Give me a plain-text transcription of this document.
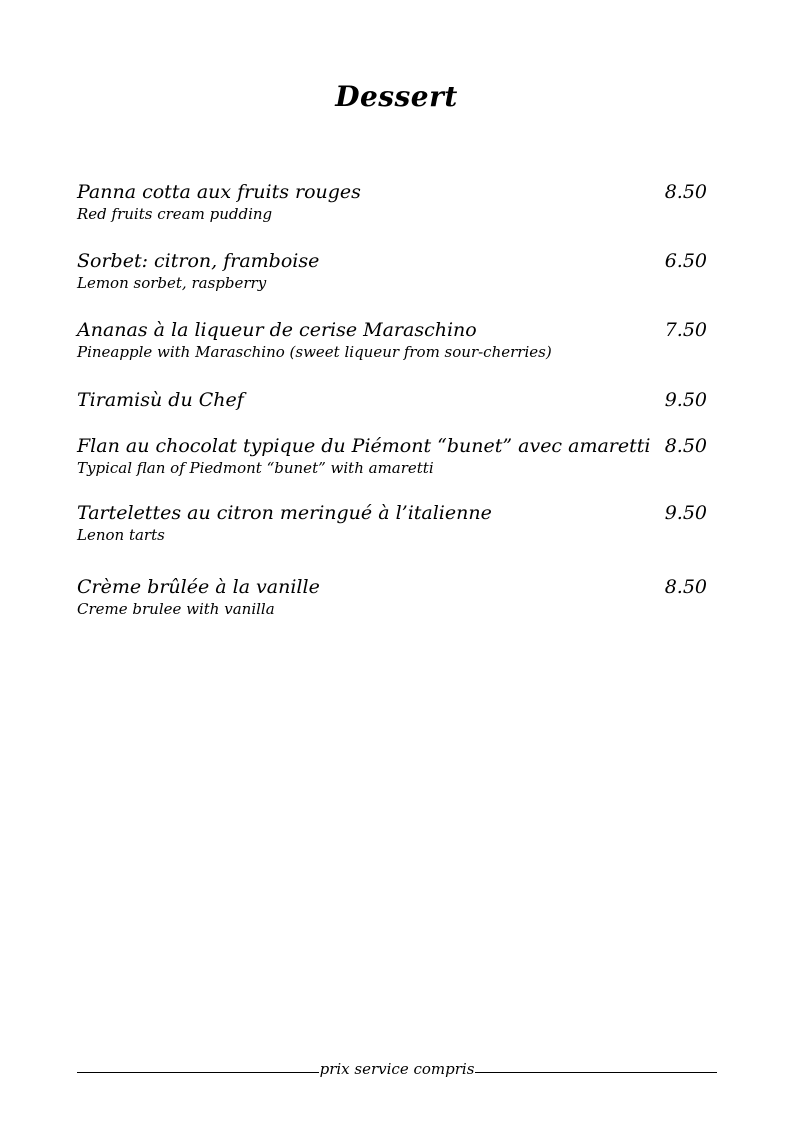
Dessert
Panna cotta aux fruits rouges
Red fruits cream pudding
8.50
Sorbet: citron, framboise
Lemon sorbet, raspberry
6.50
Ananas à la liqueur de cerise Maraschino
Pineapple with Maraschino (sweet liqueur from sour-cherries)
7.50
Tiramisù du Chef	9.50
Flan au chocolat typique du Piémont “bunet” avec amaretti
Typical flan of Piedmont “bunet” with amaretti
8.50
Tartelettes au citron meringué à l’italienne
Lenon tarts
9.50
Crème brûlée à la vanille
Creme brulee with vanilla
8.50
prix service compris
